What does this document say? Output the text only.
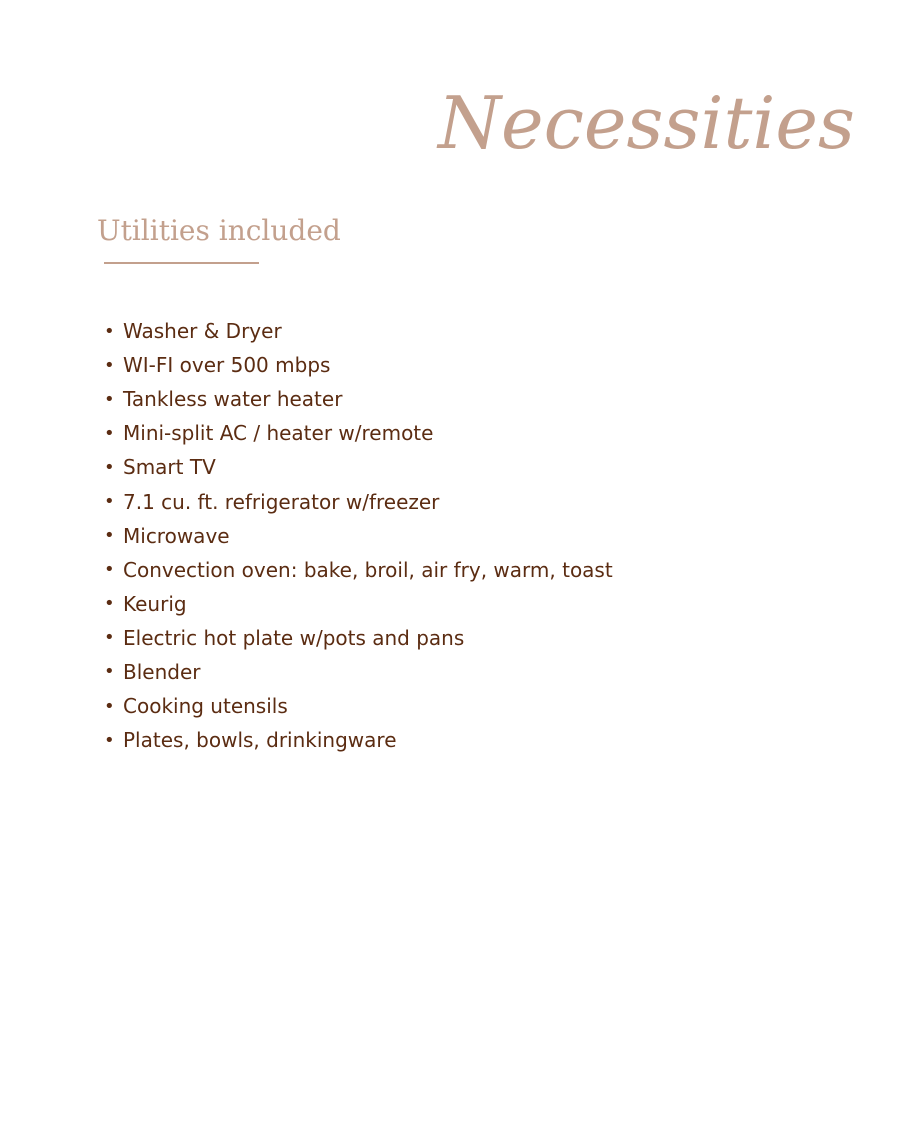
Necessities
Utilities included
• Washer & Dryer
• WI-FI over 500 mbps
• Tankless water heater
• Mini-split AC / heater w/remote
• Smart TV
• 7.1 cu. ft. refrigerator w/freezer
• Microwave
• Convection oven: bake, broil, air fry, warm, toast
• Keurig
• Electric hot plate w/pots and pans
• Blender
• Cooking utensils
• Plates, bowls, drinkingware
